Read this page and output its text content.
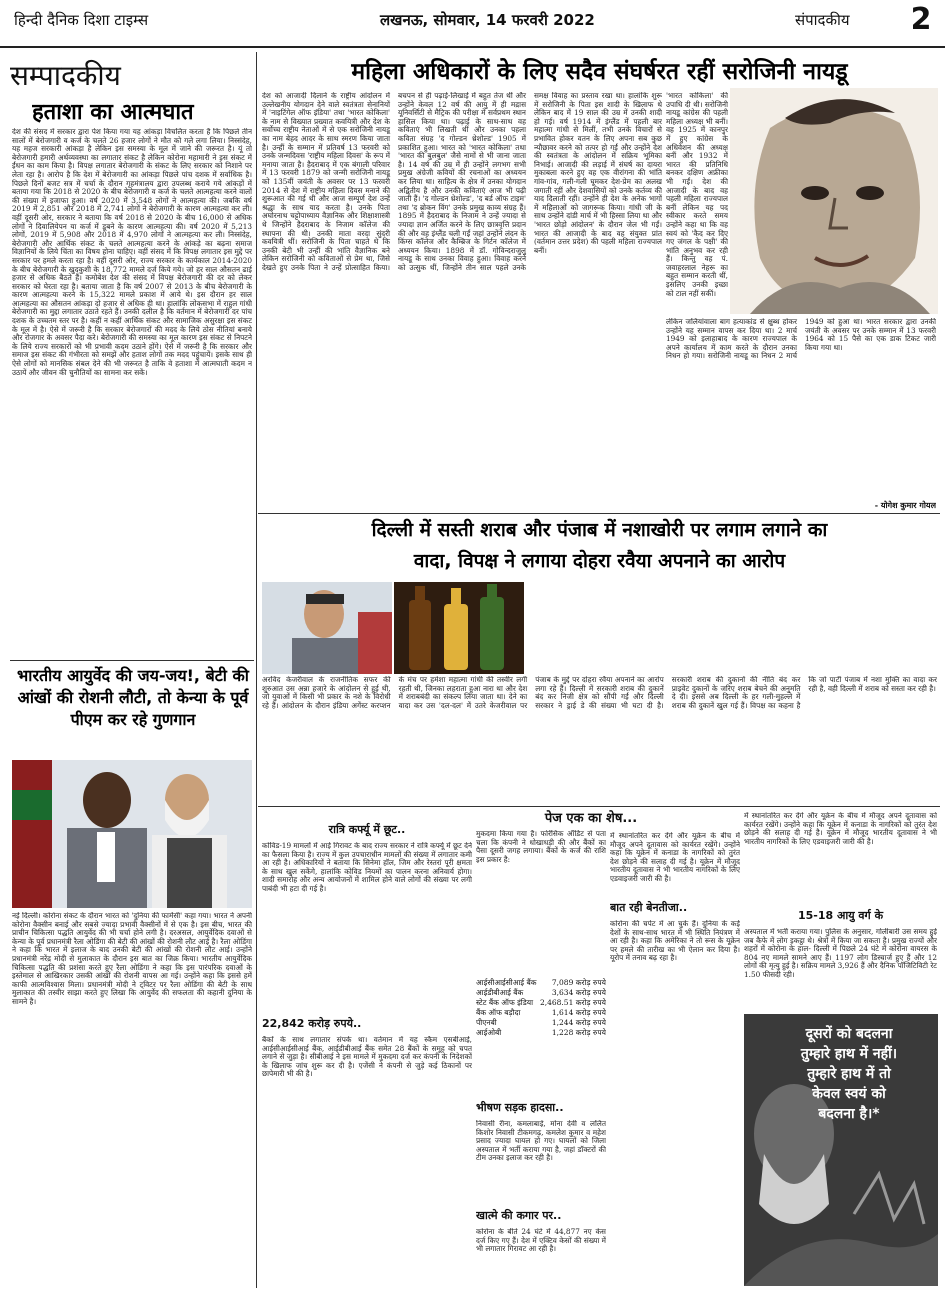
हिन्दी दैनिक दिशा टाइम्स	लखनऊ, सोमवार, 14 फरवरी 2022	संपादकीय 2
सम्पादकीय
हताशा का आत्मघात
देश की संसद में सरकार द्वारा पेश किया गया यह आंकड़ा विचलित करता है कि पिछले तीन सालों में बेरोजगारी व कर्ज के चलते 26 हजार लोगों ने मौत को गले लगा लिया। निस्संदेह, यह महज सरकारी आंकड़ा है लेकिन इस समस्या के मूल में जाने की जरूरत है। यूं तो बेरोजगारी हमारी अर्थव्यवस्था का लगातार संकट है लेकिन कोरोना महामारी ने इस संकट में ईंधन का काम किया है। विपक्ष लगातार बेरोजगारी के संकट के लिए सरकार को निशाने पर लेता रहा है। आरोप है कि देश में बेरोजगारी का आंकड़ा पिछले पांच दशक में सर्वाधिक है। पिछले दिनों बजट सत्र में चर्चा के दौरान गृहमंत्रालय द्वारा उपलब्ध कराये गये आंकड़ों में बताया गया कि 2018 से 2020 के बीच बेरोजगारी व कर्ज के चलते आत्महत्या करने वालों की संख्या में इजाफा हुआ। वर्ष 2020 में 3,548 लोगों ने आत्महत्या की। जबकि वर्ष 2019 में 2,851 और 2018 में 2,741 लोगों ने बेरोजगारी के कारण आत्महत्या कर ली। वहीं दूसरी ओर, सरकार ने बताया कि वर्ष 2018 से 2020 के बीच 16,000 से अधिक लोगों ने दिवालियेपन या कर्ज में डूबने के कारण आत्महत्या की। वर्ष 2020 में 5,213 लोगों, 2019 में 5,908 और 2018 में 4,970 लोगों ने आत्महत्या कर ली। निस्संदेह, बेरोजगारी और आर्थिक संकट के चलते आत्महत्या करने के आंकड़े का बढ़ना समाज विज्ञानियों के लिये चिंता का विषय होना चाहिए। वहीं संसद में कि विपक्ष लगातार इस मुद्दे पर सरकार पर हमले करता रहा है। वहीं दूसरी ओर, राज्य सरकार के कार्यकाल 2014-2020 के बीच बेरोजगारी के खुदकुशी के 18,772 मामले दर्ज किये गये। जो हर साल औसतन ढाई हजार से अधिक बैठते हैं। कमोबेश देश की संसद में विपक्ष बेरोजगारी की दर को लेकर सरकार को घेरता रहा है। बताया जाता है कि वर्ष 2007 से 2013 के बीच बेरोजगारी के कारण आत्महत्या करने के 15,322 मामले प्रकाश में आये थे। इस दौरान हर साल आत्महत्या का औसतन आंकड़ा दो हजार से अधिक ही था। हालांकि लोकसभा में राहुल गांधी बेरोजगारी का मुद्दा लगातार उठाते रहते हैं। उनकी दलील है कि वर्तमान में बेरोजगारी दर पांच दशक के उच्चतम स्तर पर है। कहीं न कहीं आर्थिक संकट और सामाजिक असुरक्षा इस संकट के मूल में है। ऐसे में जरूरी है कि सरकार बेरोजगारों की मदद के लिये ठोस नीतियां बनाये और रोजगार के अवसर पैदा करे। बेरोजगारी की समस्या का मूल कारण इस संकट से निपटने के लिये राज्य सरकारों को भी प्रभावी कदम उठाने होंगे। ऐसे में जरूरी है कि सरकार और समाज इस संकट की गंभीरता को समझें और हताश लोगों तक मदद पहुंचायें। इसके साथ ही ऐसे लोगों को मानसिक संबल देने की भी जरूरत है ताकि वे हताशा में आत्मघाती कदम न उठायें और जीवन की चुनौतियों का सामना कर सकें।
भारतीय आयुर्वेद की जय-जय!, बेटी की आंखों की रोशनी लौटी, तो केन्या के पूर्व पीएम कर रहे गुणगान
नई दिल्ली। कोरोना संकट के दौरान भारत को 'दुनिया की फार्मेसी' कहा गया। भारत ने अपनी कोरोना वैक्सीन बनाई और सबसे ज्यादा प्रभावी वैक्सीनों में से एक है। इस बीच, भारत की प्राचीन चिकित्सा पद्धति आयुर्वेद की भी चर्चा होने लगी है। दरअसल, आयुर्वेदिक दवाओं से केन्या के पूर्व प्रधानमंत्री रैला ओडिंगा की बेटी की आंखों की रोशनी लौट आई है। रैला ओडिंगा ने कहा कि भारत में इलाज के बाद उनकी बेटी की आंखों की रोशनी लौट आई। उन्होंने प्रधानमंत्री नरेंद्र मोदी से मुलाकात के दौरान इस बात का जिक्र किया। भारतीय आयुर्वेदिक चिकित्सा पद्धति की प्रशंसा करते हुए रैला ओडिंगा ने कहा कि इस पारंपरिक दवाओं के इस्तेमाल से आखिरकार उसकी आंखों की रोशनी वापस आ गई। उन्होंने कहा कि इससे हमें काफी आत्मविश्वास मिला। प्रधानमंत्री मोदी ने ट्विटर पर रैला ओडिंगा की बेटी के साथ मुलाकात की तस्वीर साझा करते हुए लिखा कि आयुर्वेद की सफलता की कहानी दुनिया के सामने है।
महिला अधिकारों के लिए सदैव संघर्षरत रहीं सरोजिनी नायडू
देश को आजादी दिलाने के राष्ट्रीय आंदोलन में उल्लेखनीय योगदान देने वाले स्वतंत्रता सेनानियों में 'नाइटिंगेल ऑफ इंडिया' तथा 'भारत कोकिला' के नाम से विख्यात प्रख्यात कवयित्री और देश के सर्वोच्च राष्ट्रीय नेताओं में से एक सरोजिनी नायडू का नाम बेहद आदर के साथ स्मरण किया जाता है। उन्हीं के सम्मान में प्रतिवर्ष 13 फरवरी को उनके जन्मदिवस 'राष्ट्रीय महिला दिवस' के रूप में मनाया जाता है। हैदराबाद में एक बंगाली परिवार में 13 फरवरी 1879 को जन्मी सरोजिनी नायडू को 135वीं जयंती के अवसर पर 13 फरवरी 2014 से देश में राष्ट्रीय महिला दिवस मनाने की शुरूआत की गई थी और आज सम्पूर्ण देश उन्हें श्रद्धा के साथ याद करता है। उनके पिता अघोरनाथ चट्टोपाध्याय वैज्ञानिक और शिक्षाशास्त्री थे जिन्होंने हैदराबाद के निजाम कॉलेज की स्थापना की थी। उनकी माता वरदा सुंदरी कवयित्री थीं। सरोजिनी के पिता चाहते थे कि उनकी बेटी भी उन्हीं की भांति वैज्ञानिक बने लेकिन सरोजिनी को कविताओं से प्रेम था, जिसे देखते हुए उनके पिता ने उन्हें प्रोत्साहित किया। बचपन से ही पढ़ाई-लिखाई में बहुत तेज थीं और उन्होंने केवल 12 वर्ष की आयु में ही मद्रास यूनिवर्सिटी से मैट्रिक की परीक्षा में सर्वप्रथम स्थान हासिल किया था। पढ़ाई के साथ-साथ वह कविताएं भी लिखती थीं और उनका पहला कविता संग्रह 'द गोल्डन थ्रेशोल्ड' 1905 में प्रकाशित हुआ। भारत को 'भारत कोकिला' तथा 'भारत की बुलबुल' जैसे नामों से भी जाना जाता है। 14 वर्ष की उम्र में ही उन्होंने लगभग सभी प्रमुख अंग्रेजी कवियों की रचनाओं का अध्ययन कर लिया था। साहित्य के क्षेत्र में उनका योगदान अद्वितीय है और उनकी कविताएं आज भी पढ़ी जाती हैं। 'द गोल्डन थ्रेशोल्ड', 'द बर्ड ऑफ टाइम' तथा 'द ब्रोकन विंग' उनके प्रमुख काव्य संग्रह हैं। 1895 में हैदराबाद के निजाम ने उन्हें ज्यादा से ज्यादा ज्ञान अर्जित करने के लिए छात्रवृत्ति प्रदान की और वह इंग्लैंड चली गईं जहां उन्होंने लंदन के किंग्स कॉलेज और कैम्ब्रिज के गिर्टन कॉलेज में अध्ययन किया। 1898 में डॉ. गोविन्दराजुलु नायडू के साथ उनका विवाह हुआ। विवाह करने को उत्सुक थीं, जिन्होंने तीन साल पहले उनके समक्ष विवाह का प्रस्ताव रखा था। हालांकि शुरू में सरोजिनी के पिता इस शादी के खिलाफ थे लेकिन बाद में 19 साल की उम्र में उनकी शादी हो गई। वर्ष 1914 में इंग्लैंड में पहली बार महात्मा गांधी से मिलीं, तभी उनके विचारों से प्रभावित होकर वतन के लिए अपना सब कुछ न्यौछावर करने को तत्पर हो गईं और उन्होंने देश की स्वतंत्रता के आंदोलन में सक्रिय भूमिका निभाई। आजादी की लड़ाई में संघर्ष का दायरा मुकाबला करने हुए वह एक वीरांगना की भांति गांव-गांव, गली-गली घूमकर देश-प्रेम का अलख जगाती रहीं और देशवासियों को उनके कर्तव्य की याद दिलाती रहीं। उन्होंने ही देश के अनेक भागों में महिलाओं को जागरूक किया। गांधी जी के साथ उन्होंने दांडी मार्च में भी हिस्सा लिया था और 'भारत छोड़ो आंदोलन' के दौरान जेल भी गईं। भारत की आजादी के बाद वह संयुक्त प्रांत (वर्तमान उत्तर प्रदेश) की पहली महिला राज्यपाल बनीं।
'भारत कोकिला' की उपाधि दी थी। सरोजिनी नायडू कांग्रेस की पहली महिला अध्यक्ष भी बनीं। वह 1925 में कानपुर में हुए कांग्रेस के अधिवेशन की अध्यक्ष बनीं और 1932 में भारत की प्रतिनिधि बनकर दक्षिण अफ्रीका भी गईं। देश की आजादी के बाद वह पहली महिला राज्यपाल बनीं लेकिन यह पद स्वीकार करते समय उन्होंने कहा था कि वह स्वयं को 'कैद कर दिए गए जंगल के पक्षी' की भांति अनुभव कर रही हैं। किन्तु वह पं. जवाहरलाल नेहरू का बहुत सम्मान करती थीं, इसलिए उनकी इच्छा को टाल नहीं सकीं।
लेकिन जलियांवाला बाग हत्याकांड से क्षुब्ध होकर उन्होंने यह सम्मान वापस कर दिया था। 2 मार्च 1949 को इलाहाबाद के कारण राज्यपाल के अपने कार्यालय में काम करते के दौरान उनका निधन हो गया। सरोजिनी नायडू का निधन 2 मार्च 1949 को हुआ था। भारत सरकार द्वारा उनकी जयंती के अवसर पर उनके सम्मान में 13 फरवरी 1964 को 15 पैसे का एक डाक टिकट जारी किया गया था।
- योगेश कुमार गोयल
दिल्ली में सस्ती शराब और पंजाब में नशाखोरी पर लगाम लगाने का
वादा, विपक्ष ने लगाया दोहरा रवैया अपनाने का आरोप
अरविंद केजरीवाल के राजनीतिक सफर की शुरुआत उस अन्ना हजारे के आंदोलन से हुई थी, जो युवाओं में किसी भी प्रकार के नशे के विरोधी रहे हैं। आंदोलन के दौरान इंडिया अगेंस्ट करप्शन के मंच पर हमेशा महात्मा गांधी की तस्वीर लगी रहती थी, जिनका लहराता हुआ नारा था और देश में शराबबंदी का संकल्प लिया जाता था। देने का वादा कर उस 'दल-दल' में उतरे केजरीवाल पर पंजाब के मुद्दे पर दोहरा रवैया अपनाने का आरोप लगा रहे हैं। दिल्ली में सरकारी शराब की दुकानें बंद कर निजी क्षेत्र को सौंपी गईं और दिल्ली सरकार ने ड्राई डे की संख्या भी घटा दी है। सरकारी शराब की दुकानों की नीति बंद कर प्राइवेट दुकानों के जरिए शराब बेचने की अनुमति दे दी। इससे अब दिल्ली के हर गली-मुहल्ले में शराब की दुकानें खुल गई हैं। विपक्ष का कहना है कि जो पार्टी पंजाब में नशा मुक्ति का वादा कर रही है, वही दिल्ली में शराब को सस्ता कर रही है।
रात्रि कर्फ्यू में छूट..
कोविड-19 मामलों में आई गिरावट के बाद राज्य सरकार ने रात्रि कर्फ्यू में छूट देने का फैसला किया है। राज्य में कुल उपचाराधीन मामलों की संख्या में लगातार कमी आ रही है। अधिकारियों ने बताया कि सिनेमा हॉल, जिम और रेस्तरां पूरी क्षमता के साथ खुल सकेंगे, हालांकि कोविड नियमों का पालन करना अनिवार्य होगा। शादी समारोह और अन्य आयोजनों में शामिल होने वाले लोगों की संख्या पर लगी पाबंदी भी हटा दी गई है।
22,842 करोड़ रुपये..
बैंकों के साथ लगातार संपर्क था। वर्तमान में यह स्कैम एसबीआई, आईसीआईसीआई बैंक, आईडीबीआई बैंक समेत 28 बैंकों के समूह को चपत लगाने से जुड़ा है। सीबीआई ने इस मामले में मुकदमा दर्ज कर कंपनी के निदेशकों के खिलाफ जांच शुरू कर दी है। एजेंसी ने कंपनी से जुड़े कई ठिकानों पर छापेमारी भी की है।
पेज एक का शेष...
मुकदमा किया गया है। फोरेंसिक ऑडिट से पता चला कि कंपनी ने धोखाधड़ी की और बैंकों का पैसा दूसरी जगह लगाया। बैंकों के कर्ज की राशि इस प्रकार है:
आईसीआईसीआई बैंक 7,089 करोड़ रुपये
आईडीबीआई बैंक	3,634 करोड़ रुपये
स्टेट बैंक ऑफ इंडिया 2,468.51 करोड़ रुपये
बैंक ऑफ बड़ौदा	1,614 करोड़ रुपये
पीएनबी	1,244 करोड़ रुपये
आईओबी	1,228 करोड़ रुपये
भीषण सड़क हादसा..
निवासी रीना, कमलाबाई, मोना देवी व ललित किशोर निवासी टीकमगढ़, कमलेश कुमार व महेश प्रसाद ज्यादा घायल हो गए। घायलों को जिला अस्पताल में भर्ती कराया गया है, जहां डॉक्टरों की टीम उनका इलाज कर रही है।
खात्मे की कगार पर..
कोरोना के बीते 24 घंटे में 44,877 नए केस दर्ज किए गए हैं। देश में एक्टिव केसों की संख्या में भी लगातार गिरावट आ रही है।
बात रही बेनतीजा..
में स्थानांतरित कर देंगे और यूक्रेन के बीच में मौजूद अपने दूतावास को कार्यरत रखेंगे। उन्होंने कहा कि यूक्रेन में कनाडा के नागरिकों को तुरंत देश छोड़ने की सलाह दी गई है। यूक्रेन में मौजूद भारतीय दूतावास ने भी भारतीय नागरिकों के लिए एडवाइजरी जारी की है।
कोरोना की चपेट में आ चुके हैं। दुनिया के कई देशों के साथ-साथ भारत में भी स्थिति नियंत्रण में आ रही है। कहा कि अमेरिका ने तो रूस के यूक्रेन पर हमले की तारीख का भी ऐलान कर दिया है। यूरोप में तनाव बढ़ रहा है।
में स्थानांतरित कर देंगे और यूक्रेन के बीच में मौजूद अपने दूतावास को कार्यरत रखेंगे। उन्होंने कहा कि यूक्रेन में कनाडा के नागरिकों को तुरंत देश छोड़ने की सलाह दी गई है। यूक्रेन में मौजूद भारतीय दूतावास ने भी भारतीय नागरिकों के लिए एडवाइजरी जारी की है।
15-18 आयु वर्ग के
अस्पताल में भर्ती कराया गया। पुलिस के अनुसार, गोलीबारी उस समय हुई जब कैफे में लोग इकट्ठा थे। श्रेत्रों में किया जा सकता है। प्रमुख राज्यों और शहरों में कोरोना के हाल- दिल्ली में पिछले 24 घंटे में कोरोना वायरस के 804 नए मामले सामने आए हैं। 1197 लोग डिस्चार्ज हुए हैं और 12 लोगों की मृत्यु हुई है। सक्रिय मामले 3,926 हैं और दैनिक पॉजिटिविटी रेट 1.50 फीसदी रही।
दूसरों को बदलना
तुम्हारे हाथ में नहीं।
तुम्हारे हाथ में तो
केवल स्वयं को
बदलना है।*
